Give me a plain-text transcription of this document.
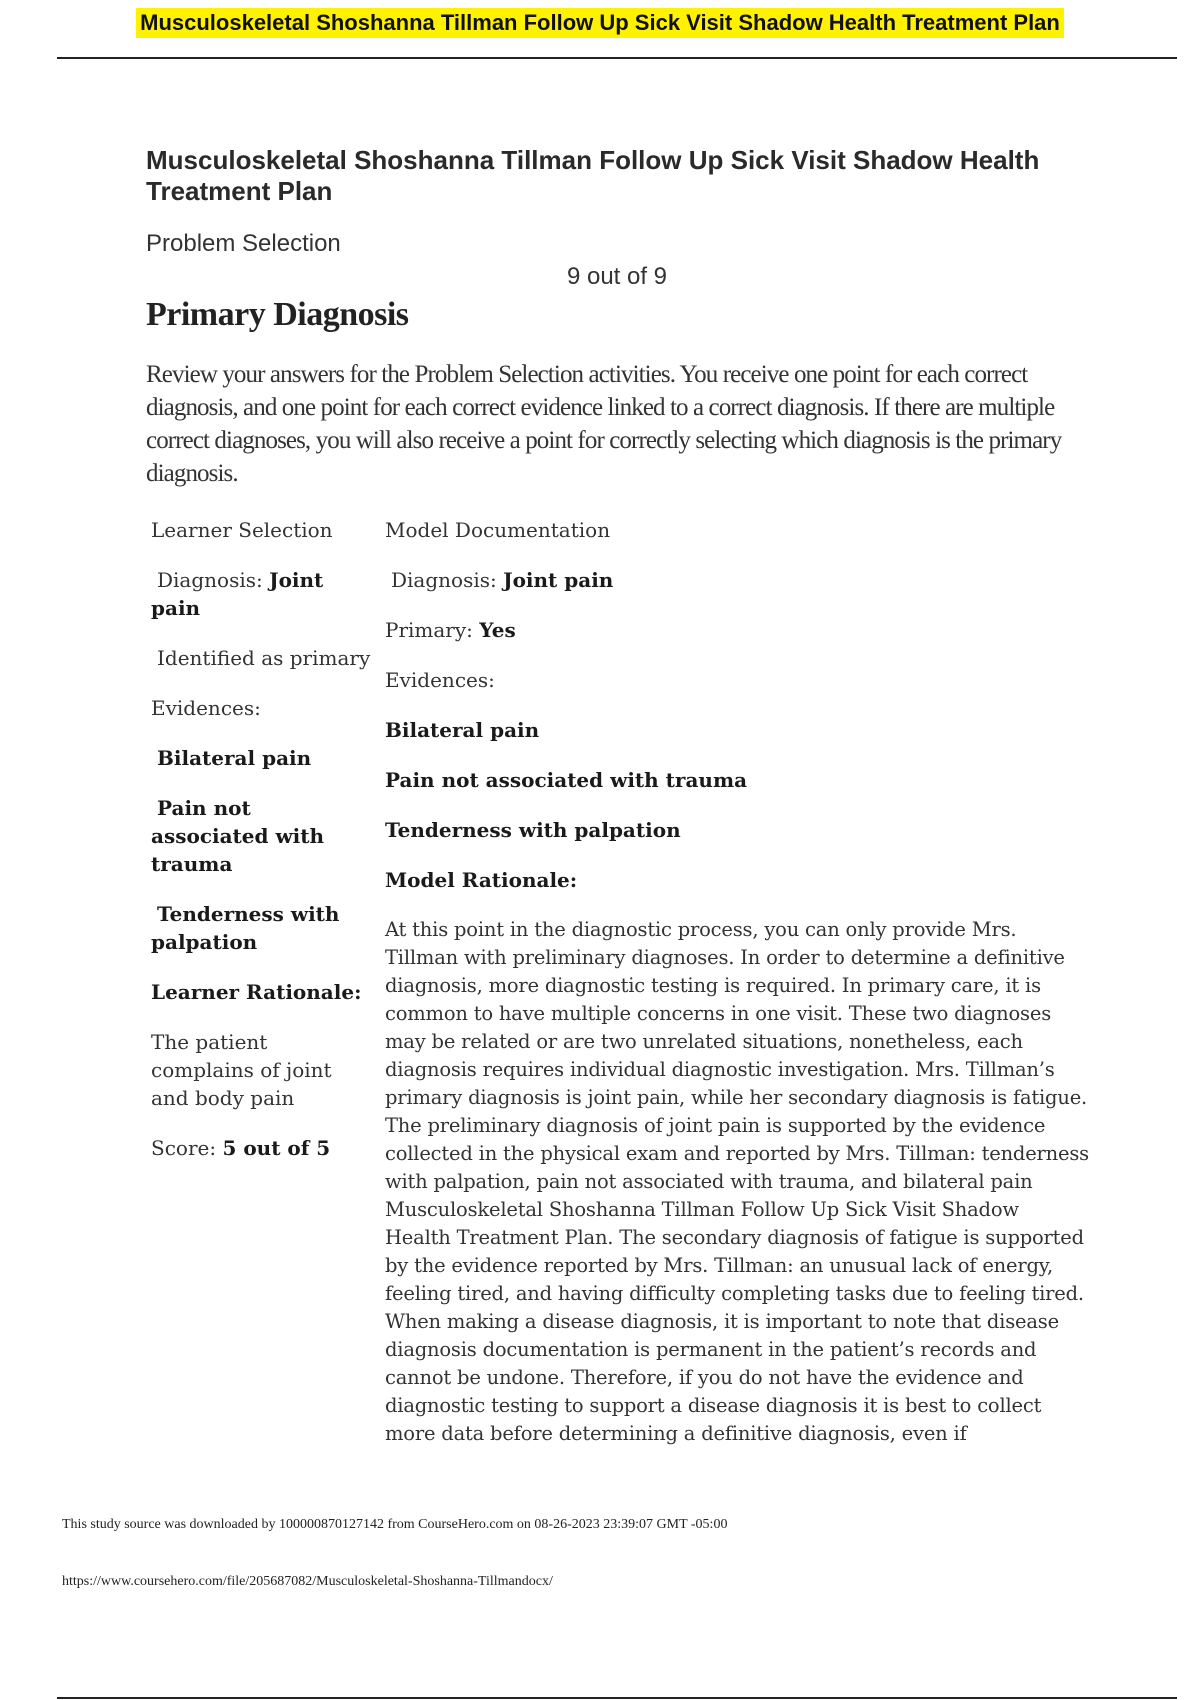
Musculoskeletal Shoshanna Tillman Follow Up Sick Visit Shadow Health Treatment Plan
Musculoskeletal Shoshanna Tillman Follow Up Sick Visit Shadow Health Treatment Plan
Problem Selection
9 out of 9
Primary Diagnosis

Review your answers for the Problem Selection activities. You receive one point for each correct diagnosis, and one point for each correct evidence linked to a correct diagnosis. If there are multiple correct diagnoses, you will also receive a point for correctly selecting which diagnosis is the primary diagnosis.

Learner Selection

Diagnosis: Joint pain

Identified as primary

Evidences:

Bilateral pain

Pain not associated with trauma

Tenderness with palpation

Learner Rationale:

The patient complains of joint and body pain

Score: 5 out of 5

Model Documentation

Diagnosis: Joint pain

Primary: Yes

Evidences:

Bilateral pain

Pain not associated with trauma

Tenderness with palpation

Model Rationale:

At this point in the diagnostic process, you can only provide Mrs. Tillman with preliminary diagnoses. In order to determine a definitive diagnosis, more diagnostic testing is required. In primary care, it is common to have multiple concerns in one visit. These two diagnoses may be related or are two unrelated situations, nonetheless, each diagnosis requires individual diagnostic investigation. Mrs. Tillman’s primary diagnosis is joint pain, while her secondary diagnosis is fatigue. The preliminary diagnosis of joint pain is supported by the evidence collected in the physical exam and reported by Mrs. Tillman: tenderness with palpation, pain not associated with trauma, and bilateral pain Musculoskeletal Shoshanna Tillman Follow Up Sick Visit Shadow Health Treatment Plan. The secondary diagnosis of fatigue is supported by the evidence reported by Mrs. Tillman: an unusual lack of energy, feeling tired, and having difficulty completing tasks due to feeling tired. When making a disease diagnosis, it is important to note that disease diagnosis documentation is permanent in the patient’s records and cannot be undone. Therefore, if you do not have the evidence and diagnostic testing to support a disease diagnosis it is best to collect more data before determining a definitive diagnosis, even if

This study source was downloaded by 100000870127142 from CourseHero.com on 08-26-2023 23:39:07 GMT -05:00
https://www.coursehero.com/file/205687082/Musculoskeletal-Shoshanna-Tillmandocx/
